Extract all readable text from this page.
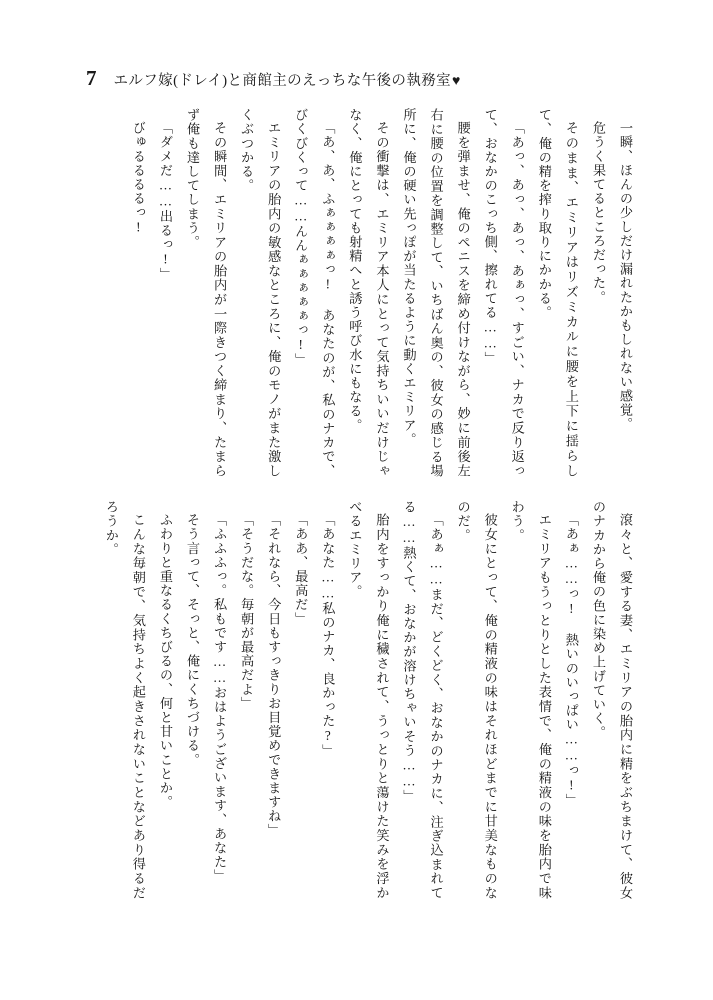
7 エルフ嫁(ドレイ)と商館主のえっちな午後の執務室 ♥

一瞬、ほんの少しだけ漏れたかもしれない感覚。

危うく果てるところだった。

そのまま、エミリアはリズミカルに腰を上下に揺らして、俺の精を搾り取りにかかる。

「あっ、あっ、あっ、あぁっ、すごい、ナカで反り返って、おなかのこっち側、擦れてる……」

腰を弾ませ、俺のペニスを締め付けながら、妙に前後左右に腰の位置を調整して、いちばん奥の、彼女の感じる場所に、俺の硬い先っぽが当たるように動くエミリア。

その衝撃は、エミリア本人にとって気持ちいいだけじゃなく、俺にとっても射精へと誘う呼び水にもなる。

「あ、あ、ふぁぁぁぁっ! あなたのが、私のナカで、びくびくって……んんぁぁぁぁぁっ!」

エミリアの胎内の敏感なところに、俺のモノがまた激しくぶつかる。

その瞬間、エミリアの胎内が一際きつく締まり、たまらず俺も達してしまう。

「ダメだ……出るっ!」

びゅるるるるっ!

滾々と、愛する妻、エミリアの胎内に精をぶちまけて、彼女のナカから俺の色に染め上げていく。

「あぁ……っ! 熱いのいっぱい……っ!」

エミリアもうっとりとした表情で、俺の精液の味を胎内で味わう。

彼女にとって、俺の精液の味はそれほどまでに甘美なものなのだ。

「あぁ……まだ、どくどく、おなかのナカに、注ぎ込まれてる……熱くて、おなかが溶けちゃいそう……」

胎内をすっかり俺に穢されて、うっとりと蕩けた笑みを浮かべるエミリア。

「あなた……私のナカ、良かった?」

「ああ、最高だ」

「それなら、今日もすっきりお目覚めできますね」

「そうだな。毎朝が最高だよ」

「ふふふっ。私もです……おはようございます、あなた」

そう言って、そっと、俺にくちづける。

ふわりと重なるくちびるの、何と甘いことか。

こんな毎朝で、気持ちよく起きされないことなどあり得るだろうか。
